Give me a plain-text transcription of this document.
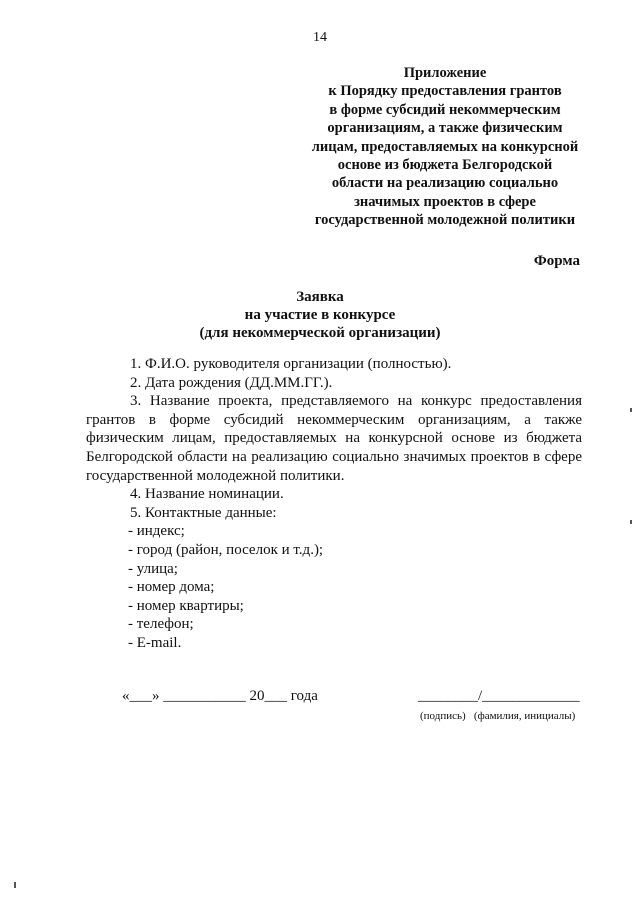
14
Приложение
к Порядку предоставления грантов
в форме субсидий некоммерческим
организациям, а также физическим
лицам, предоставляемых на конкурсной
основе из бюджета Белгородской
области на реализацию социально
значимых проектов в сфере
государственной молодежной политики
Форма
Заявка
на участие в конкурсе
(для некоммерческой организации)

1. Ф.И.О. руководителя организации (полностью).

2. Дата рождения (ДД.ММ.ГГ.).

3. Название проекта, представляемого на конкурс предоставления грантов в форме субсидий некоммерческим организациям, а также физическим лицам, предоставляемых на конкурсной основе из бюджета Белгородской области на реализацию социально значимых проектов в сфере государственной молодежной политики.

4. Название номинации.

5. Контактные данные:

- индекс;

- город (район, поселок и т.д.);

- улица;

- номер дома;

- номер квартиры;

- телефон;

- E-mail.

«___» ___________ 20___ года	________/_____________
(подпись)   (фамилия, инициалы)
